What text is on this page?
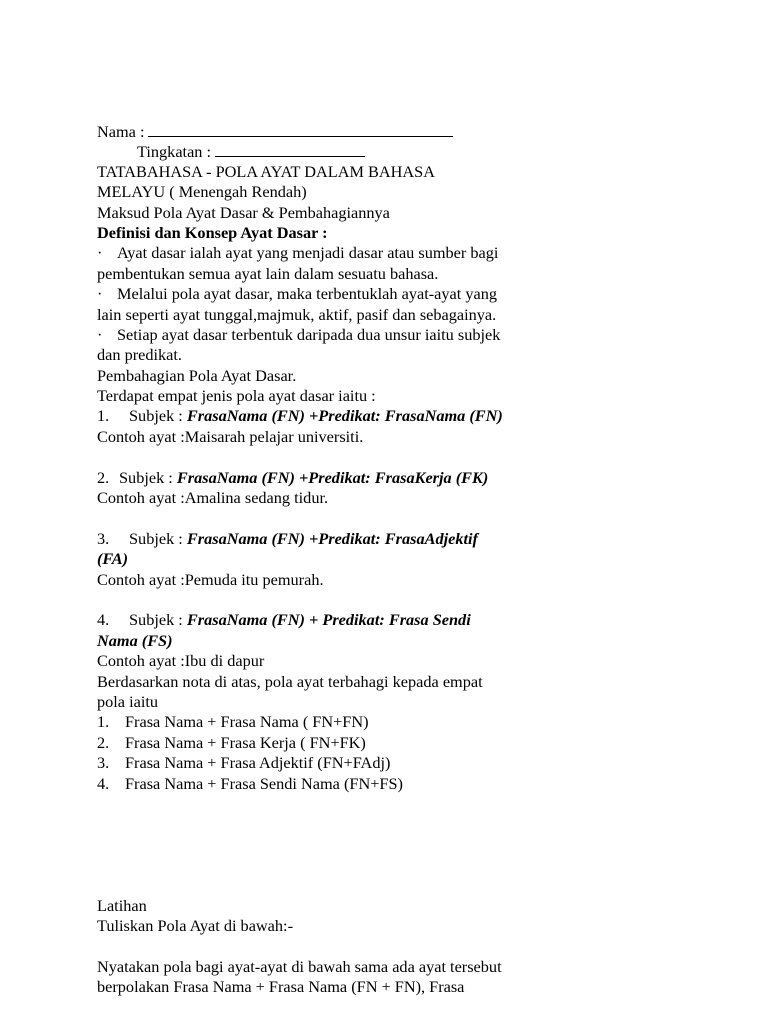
Nama :
Tingkatan :
TATABAHASA - POLA AYAT DALAM BAHASA
MELAYU ( Menengah Rendah)
Maksud Pola Ayat Dasar & Pembahagiannya
Definisi dan Konsep Ayat Dasar :
· Ayat dasar ialah ayat yang menjadi dasar atau sumber bagi
pembentukan semua ayat lain dalam sesuatu bahasa.
· Melalui pola ayat dasar, maka terbentuklah ayat-ayat yang
lain seperti ayat tunggal,majmuk, aktif, pasif dan sebagainya.
· Setiap ayat dasar terbentuk daripada dua unsur iaitu subjek
dan predikat.
Pembahagian Pola Ayat Dasar.
Terdapat empat jenis pola ayat dasar iaitu :
1. Subjek : FrasaNama (FN) +Predikat: FrasaNama (FN)
Contoh ayat :Maisarah pelajar universiti.
2. Subjek : FrasaNama (FN) +Predikat: FrasaKerja (FK)
Contoh ayat :Amalina sedang tidur.
3. Subjek : FrasaNama (FN) +Predikat: FrasaAdjektif
(FA)
Contoh ayat :Pemuda itu pemurah.
4. Subjek : FrasaNama (FN) + Predikat: Frasa Sendi
Nama (FS)
Contoh ayat :Ibu di dapur
Berdasarkan nota di atas, pola ayat terbahagi kepada empat
pola iaitu
1. Frasa Nama + Frasa Nama ( FN+FN)
2. Frasa Nama + Frasa Kerja ( FN+FK)
3. Frasa Nama + Frasa Adjektif (FN+FAdj)
4. Frasa Nama + Frasa Sendi Nama (FN+FS)
Latihan
Tuliskan Pola Ayat di bawah:-
Nyatakan pola bagi ayat-ayat di bawah sama ada ayat tersebut
berpolakan Frasa Nama + Frasa Nama (FN + FN), Frasa
